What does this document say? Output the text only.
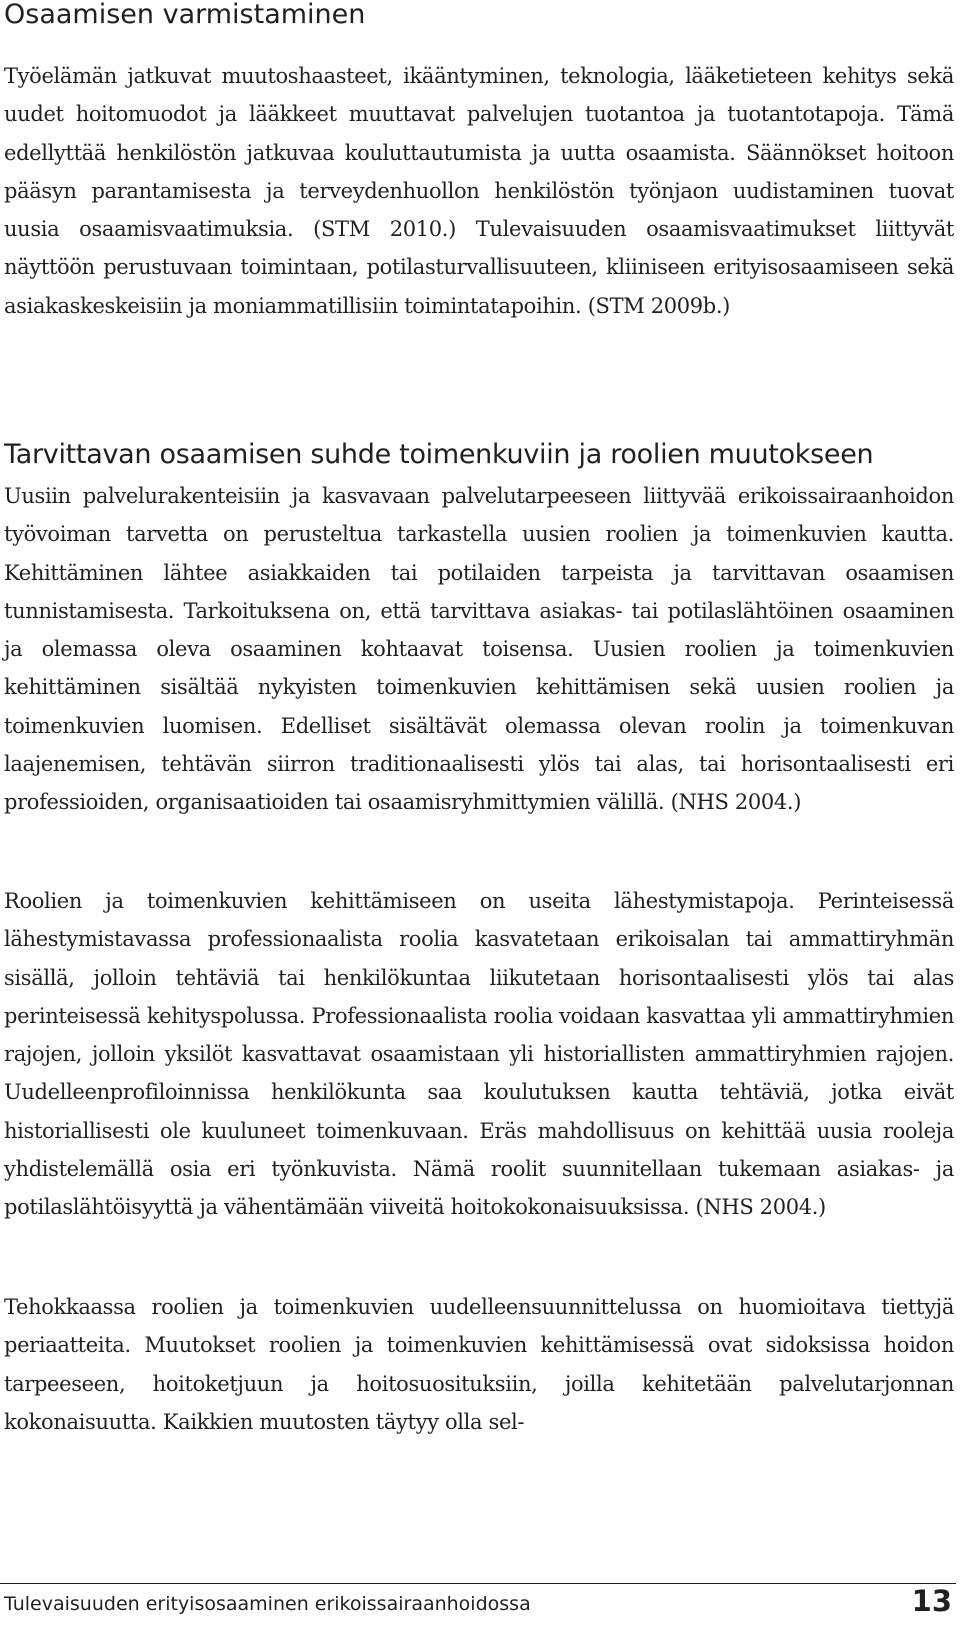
Osaamisen varmistaminen

Työelämän jatkuvat muutoshaasteet, ikääntyminen, teknologia, lääketieteen kehitys sekä uudet hoitomuodot ja lääkkeet muuttavat palvelujen tuotantoa ja tuotantotapoja. Tämä edellyttää henkilöstön jatkuvaa kouluttautumista ja uutta osaamista. Säännökset hoitoon pääsyn parantamisesta ja terveydenhuollon henkilöstön työnjaon uudistaminen tuovat uusia osaamisvaatimuksia. (STM 2010.) Tulevaisuuden osaamisvaatimukset liittyvät näyttöön perustuvaan toimintaan, potilasturvallisuuteen, kliiniseen erityisosaamiseen sekä asiakaskeskeisiin ja moniammatillisiin toimintatapoihin. (STM 2009b.)

Tarvittavan osaamisen suhde toimenkuviin ja roolien muutokseen

Uusiin palvelurakenteisiin ja kasvavaan palvelutarpeeseen liittyvää erikoissairaanhoidon työvoiman tarvetta on perusteltua tarkastella uusien roolien ja toimenkuvien kautta. Kehittäminen lähtee asiakkaiden tai potilaiden tarpeista ja tarvittavan osaamisen tunnistamisesta. Tarkoituksena on, että tarvittava asiakas- tai potilaslähtöinen osaaminen ja olemassa oleva osaaminen kohtaavat toisensa. Uusien roolien ja toimenkuvien kehittäminen sisältää nykyisten toimenkuvien kehittämisen sekä uusien roolien ja toimenkuvien luomisen. Edelliset sisältävät olemassa olevan roolin ja toimenkuvan laajenemisen, tehtävän siirron traditionaalisesti ylös tai alas, tai horisontaalisesti eri professioiden, organisaatioiden tai osaamisryhmittymien välillä. (NHS 2004.)

Roolien ja toimenkuvien kehittämiseen on useita lähestymistapoja. Perinteisessä lähestymistavassa professionaalista roolia kasvatetaan erikoisalan tai ammattiryhmän sisällä, jolloin tehtäviä tai henkilökuntaa liikutetaan horisontaalisesti ylös tai alas perinteisessä kehityspolussa. Professionaalista roolia voidaan kasvattaa yli ammattiryhmien rajojen, jolloin yksilöt kasvattavat osaamistaan yli historiallisten ammattiryhmien rajojen. Uudelleenprofiloinnissa henkilökunta saa koulutuksen kautta tehtäviä, jotka eivät historiallisesti ole kuuluneet toimenkuvaan. Eräs mahdollisuus on kehittää uusia rooleja yhdistelemällä osia eri työnkuvista. Nämä roolit suunnitellaan tukemaan asiakas- ja potilaslähtöisyyttä ja vähentämään viiveitä hoitokokonaisuuksissa. (NHS 2004.)

Tehokkaassa roolien ja toimenkuvien uudelleensuunnittelussa on huomioitava tiettyjä periaatteita. Muutokset roolien ja toimenkuvien kehittämisessä ovat sidoksissa hoidon tarpeeseen, hoitoketjuun ja hoitosuosituksiin, joilla kehitetään palvelutarjonnan kokonaisuutta. Kaikkien muutosten täytyy olla sel-

Tulevaisuuden erityisosaaminen erikoissairaanhoidossa	13
